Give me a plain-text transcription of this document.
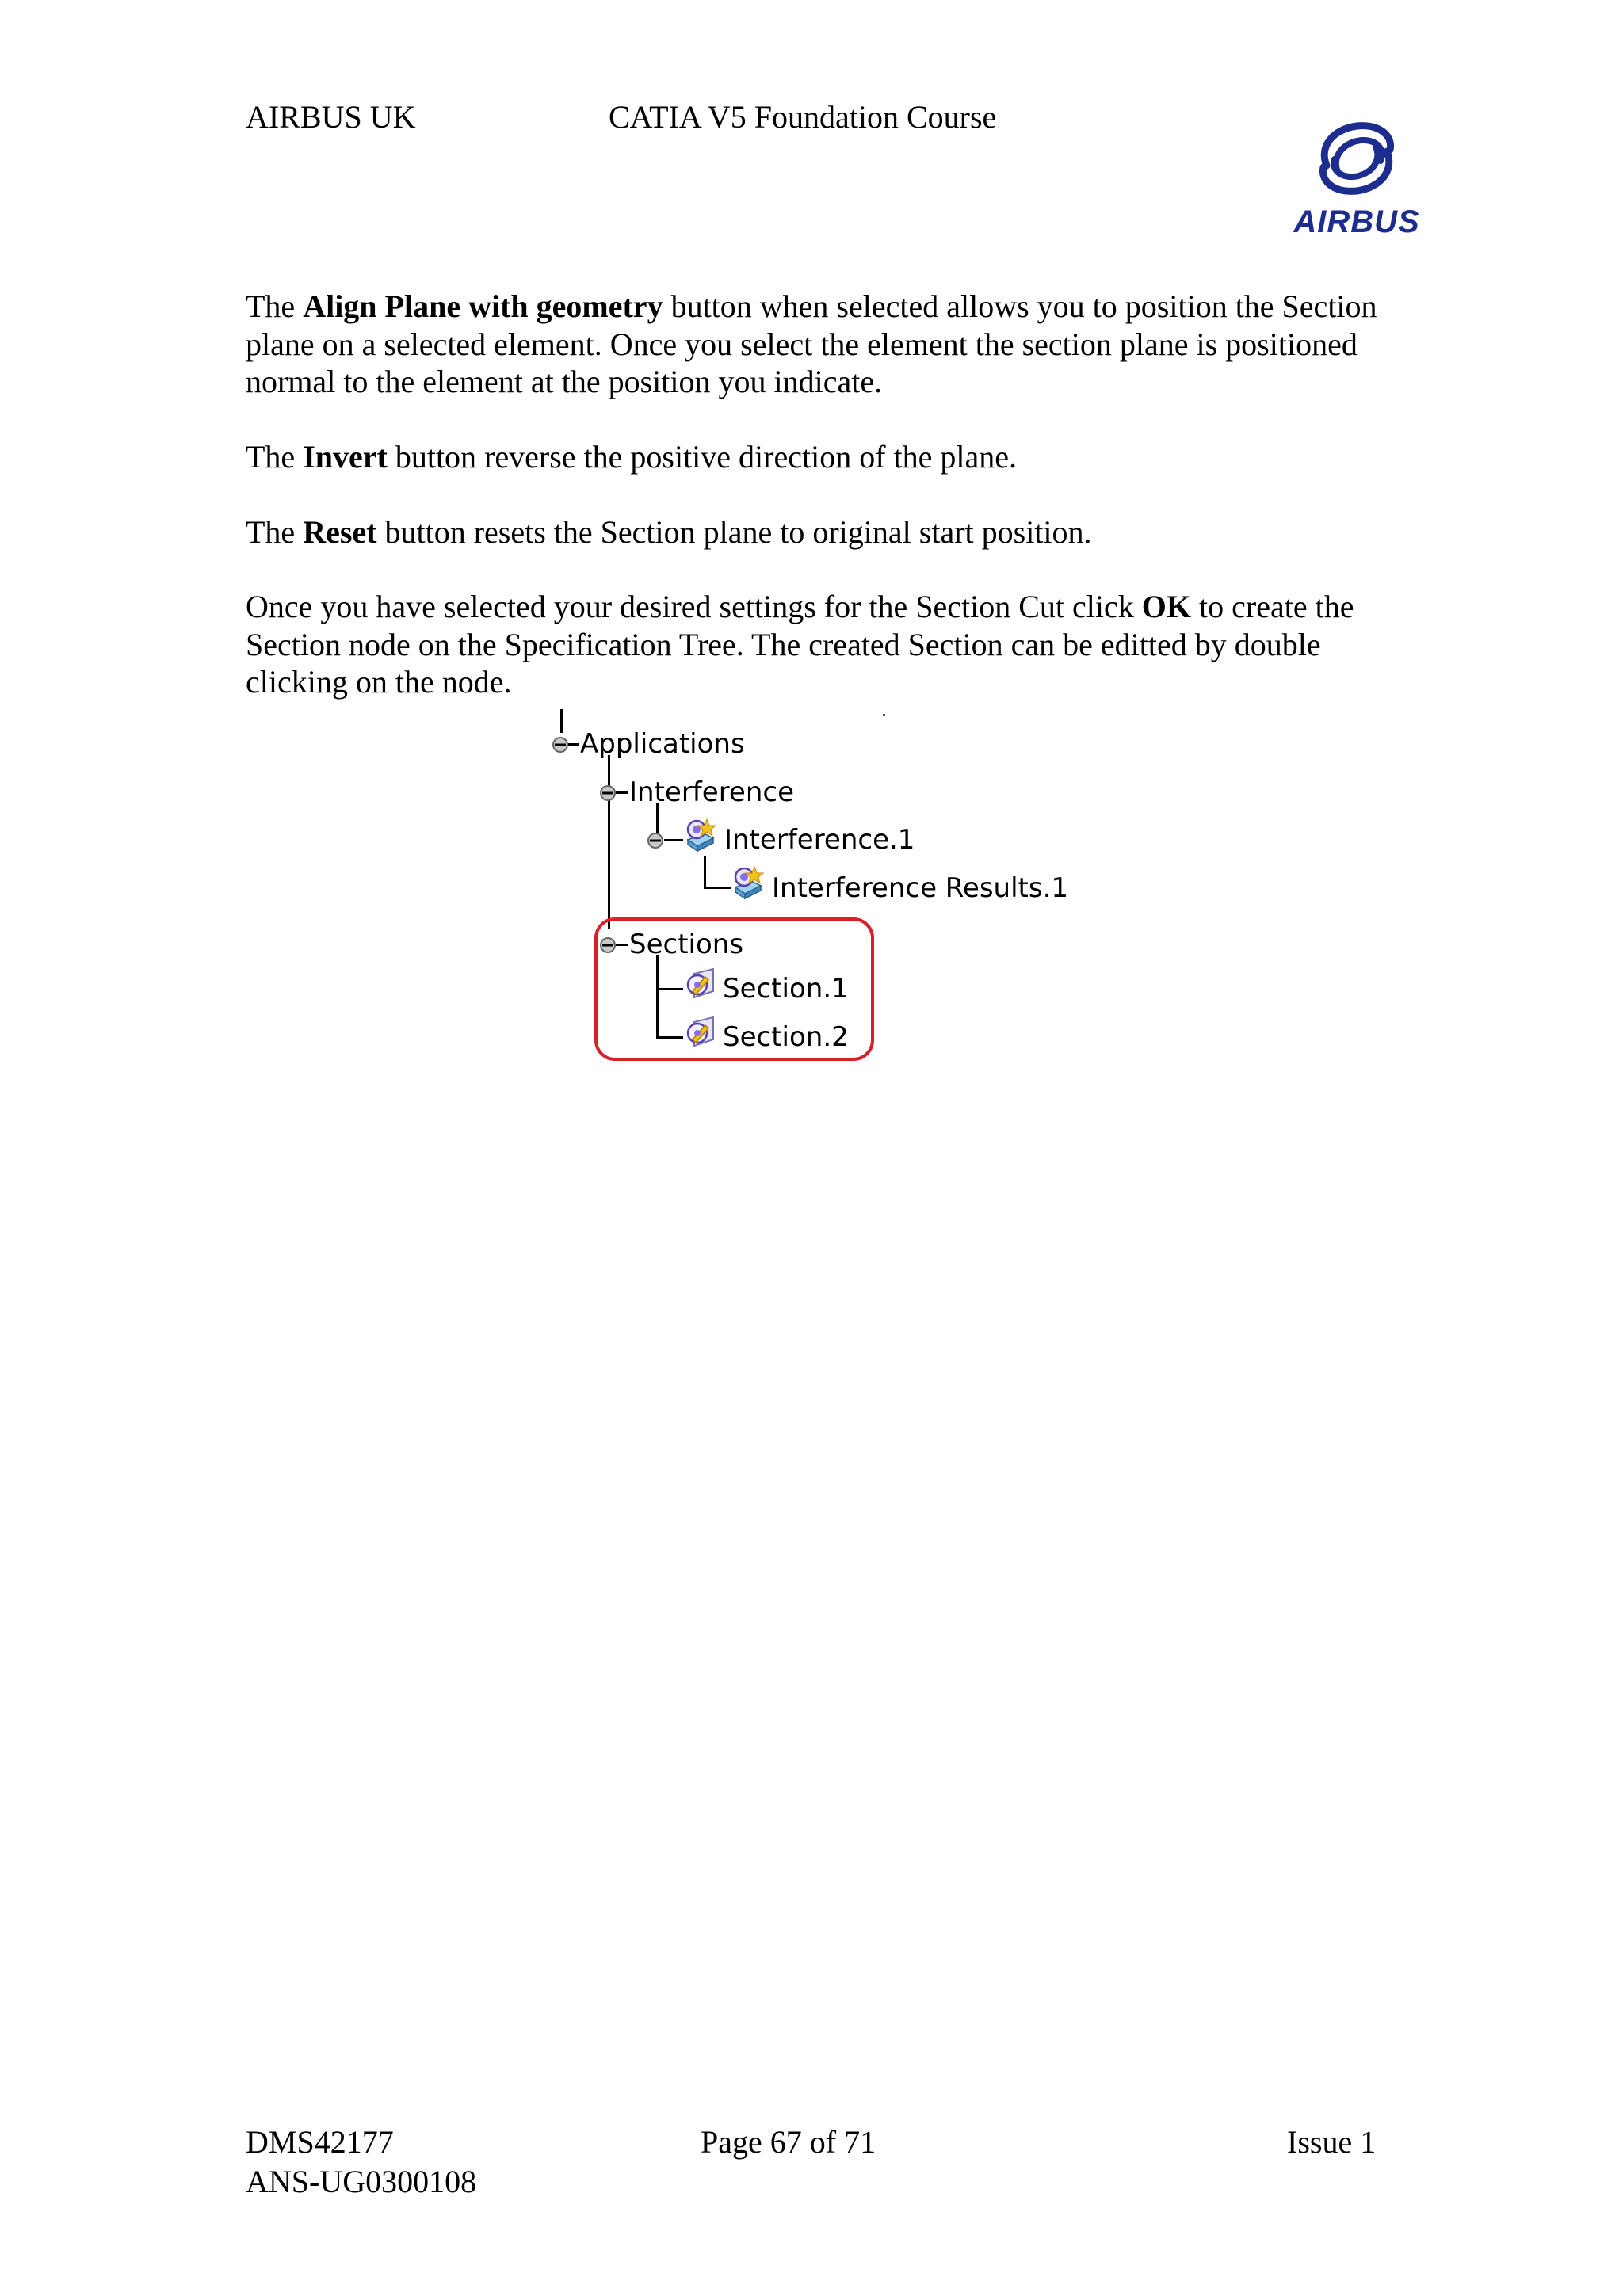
AIRBUS UK	CATIA V5 Foundation Course
AIRBUS

The Align Plane with geometry button when selected allows you to position the Section plane on a selected element. Once you select the element the section plane is positioned normal to the element at the position you indicate.

The Invert button reverse the positive direction of the plane.

The Reset button resets the Section plane to original start position.

Once you have selected your desired settings for the Section Cut click OK to create the Section node on the Specification Tree. The created Section can be editted by double clicking on the node.

Applications
Interference
Interference.1
Interference Results.1
Sections
Section.1
Section.2
DMS42177
ANS-UG0300108
Page 67 of 71	Issue 1
